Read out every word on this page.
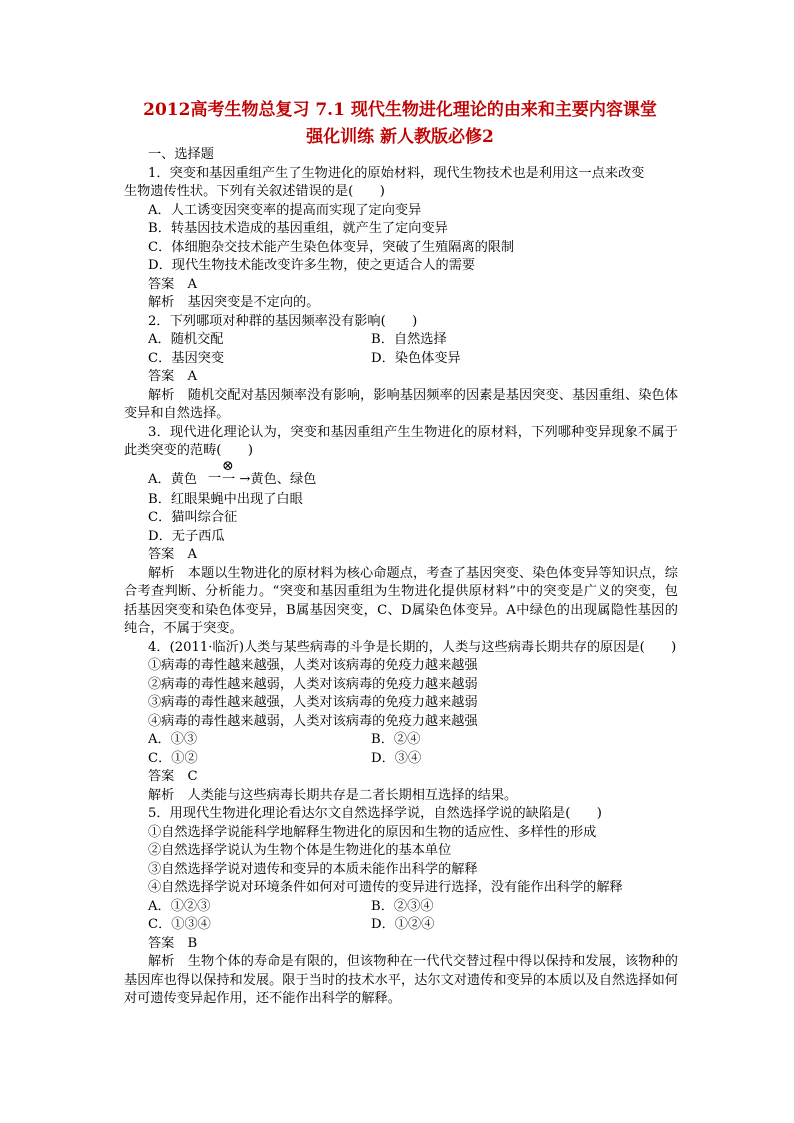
2012高考生物总复习 7.1 现代生物进化理论的由来和主要内容课堂
强化训练 新人教版必修2
一、选择题
1．突变和基因重组产生了生物进化的原始材料，现代生物技术也是利用这一点来改变
生物遗传性状。下列有关叙述错误的是(　　)
A．人工诱变因突变率的提高而实现了定向变异
B．转基因技术造成的基因重组，就产生了定向变异
C．体细胞杂交技术能产生染色体变异，突破了生殖隔离的限制
D．现代生物技术能改变许多生物，使之更适合人的需要
答案　A
解析　基因突变是不定向的。
2．下列哪项对种群的基因频率没有影响(　　)
A．随机交配	B．自然选择
C．基因突变	D．染色体变异
答案　A
解析　随机交配对基因频率没有影响，影响基因频率的因素是基因突变、基因重组、染色体变异和自然选择。
3．现代进化理论认为，突变和基因重组产生生物进化的原材料，下列哪种变异现象不属于此类突变的范畴(　　)
A．黄色 一
⊗
一 →黄色、绿色
B．红眼果蝇中出现了白眼
C．猫叫综合征
D．无子西瓜
答案　A
解析　本题以生物进化的原材料为核心命题点，考查了基因突变、染色体变异等知识点，综合考查判断、分析能力。“突变和基因重组为生物进化提供原材料”中的突变是广义的突变，包括基因突变和染色体变异，B属基因突变，C、D属染色体变异。A中绿色的出现属隐性基因的纯合，不属于突变。
4．(2011·临沂)人类与某些病毒的斗争是长期的，人类与这些病毒长期共存的原因是(　　)
①病毒的毒性越来越强，人类对该病毒的免疫力越来越强
②病毒的毒性越来越弱，人类对该病毒的免疫力越来越弱
③病毒的毒性越来越强，人类对该病毒的免疫力越来越弱
④病毒的毒性越来越弱，人类对该病毒的免疫力越来越强
A．①③	B．②④
C．①②	D．③④
答案　C
解析　人类能与这些病毒长期共存是二者长期相互选择的结果。
5．用现代生物进化理论看达尔文自然选择学说，自然选择学说的缺陷是(　　)
①自然选择学说能科学地解释生物进化的原因和生物的适应性、多样性的形成
②自然选择学说认为生物个体是生物进化的基本单位
③自然选择学说对遗传和变异的本质未能作出科学的解释
④自然选择学说对环境条件如何对可遗传的变异进行选择，没有能作出科学的解释
A．①②③	B．②③④
C．①③④	D．①②④
答案　B
解析　生物个体的寿命是有限的，但该物种在一代代交替过程中得以保持和发展，该物种的基因库也得以保持和发展。限于当时的技术水平，达尔文对遗传和变异的本质以及自然选择如何对可遗传变异起作用，还不能作出科学的解释。
